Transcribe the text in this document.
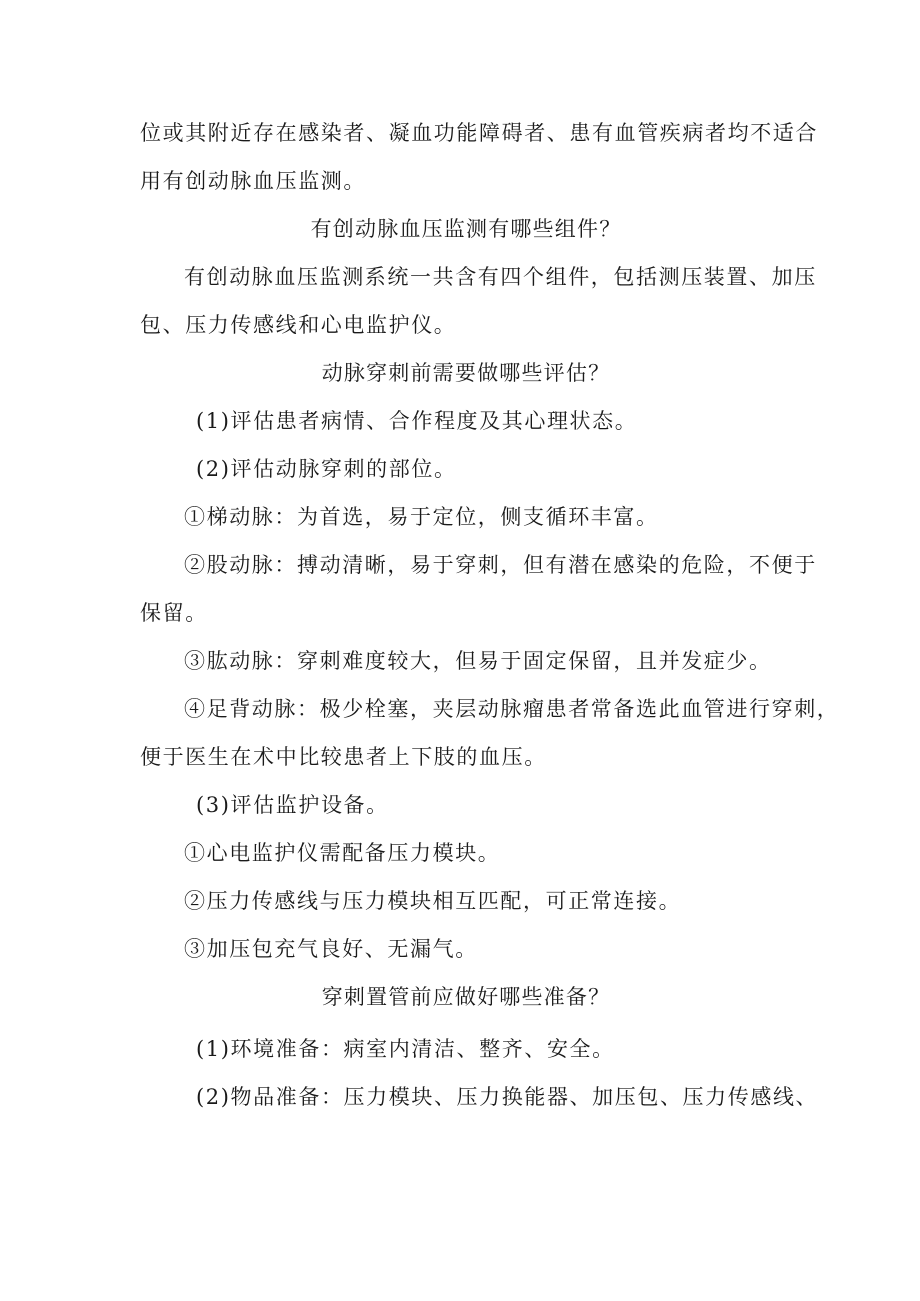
位或其附近存在感染者、凝血功能障碍者、患有血管疾病者均不适合
用有创动脉血压监测。
有创动脉血压监测有哪些组件？
有创动脉血压监测系统一共含有四个组件，包括测压装置、加压
包、压力传感线和心电监护仪。
动脉穿刺前需要做哪些评估？
(1)评估患者病情、合作程度及其心理状态。
(2)评估动脉穿刺的部位。
①梯动脉：为首选，易于定位，侧支循环丰富。
②股动脉：搏动清晰，易于穿刺，但有潜在感染的危险，不便于
保留。
③肱动脉：穿刺难度较大，但易于固定保留，且并发症少。
④足背动脉：极少栓塞，夹层动脉瘤患者常备选此血管进行穿刺，
便于医生在术中比较患者上下肢的血压。
(3)评估监护设备。
①心电监护仪需配备压力模块。
②压力传感线与压力模块相互匹配，可正常连接。
③加压包充气良好、无漏气。
穿刺置管前应做好哪些准备？
(1)环境准备：病室内清洁、整齐、安全。
(2)物品准备：压力模块、压力换能器、加压包、压力传感线、
